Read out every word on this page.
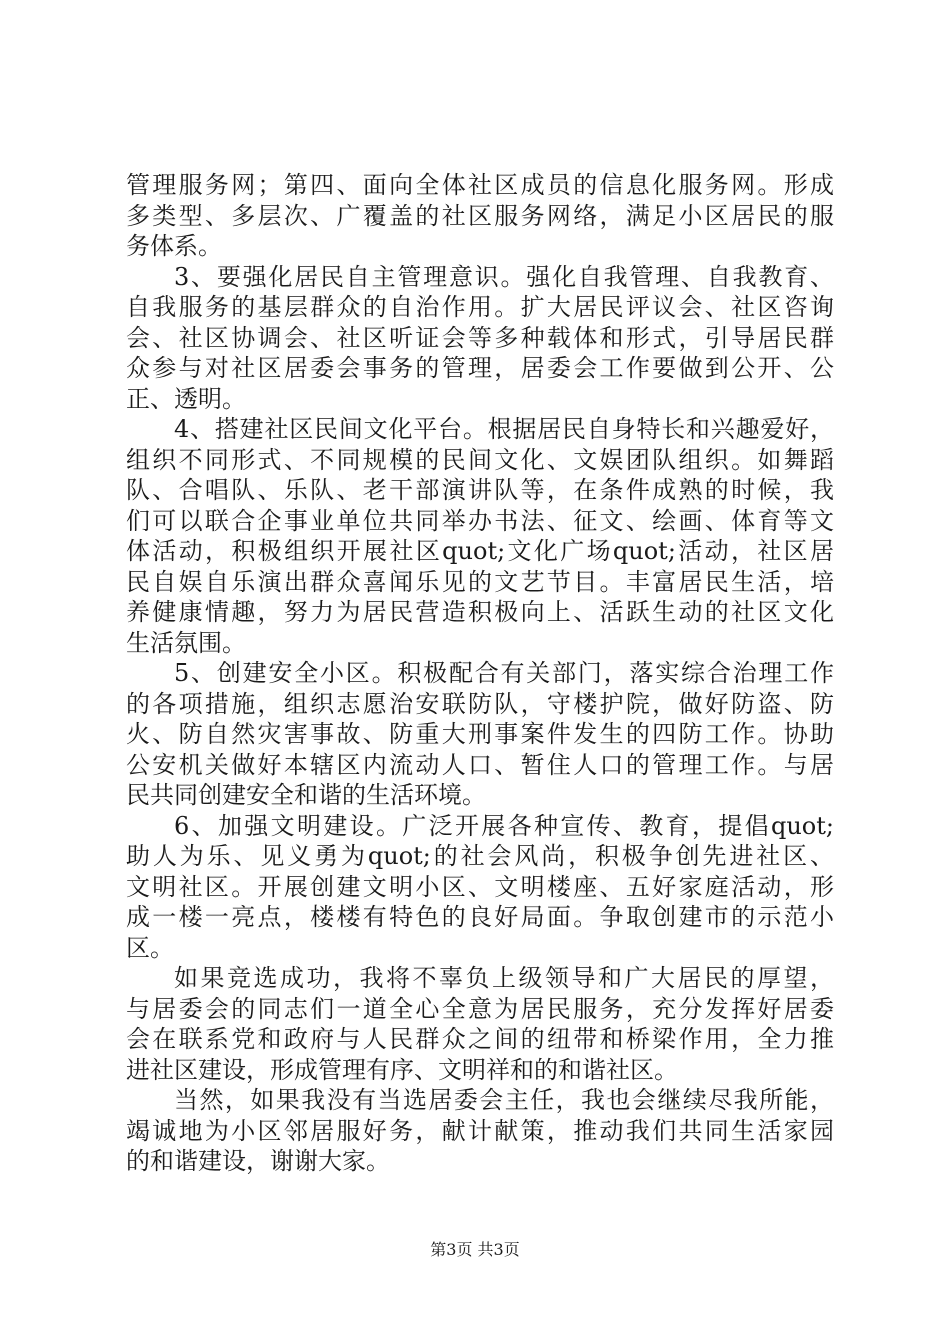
管理服务网；第四、面向全体社区成员的信息化服务网。形成
多类型、多层次、广覆盖的社区服务网络，满足小区居民的服
务体系。
3、要强化居民自主管理意识。强化自我管理、自我教育、
自我服务的基层群众的自治作用。扩大居民评议会、社区咨询
会、社区协调会、社区听证会等多种载体和形式，引导居民群
众参与对社区居委会事务的管理，居委会工作要做到公开、公
正、透明。
4、搭建社区民间文化平台。根据居民自身特长和兴趣爱好，
组织不同形式、不同规模的民间文化、文娱团队组织。如舞蹈
队、合唱队、乐队、老干部演讲队等，在条件成熟的时候，我
们可以联合企事业单位共同举办书法、征文、绘画、体育等文
体活动，积极组织开展社区quot;文化广场quot;活动，社区居
民自娱自乐演出群众喜闻乐见的文艺节目。丰富居民生活，培
养健康情趣，努力为居民营造积极向上、活跃生动的社区文化
生活氛围。
5、创建安全小区。积极配合有关部门，落实综合治理工作
的各项措施，组织志愿治安联防队，守楼护院，做好防盗、防
火、防自然灾害事故、防重大刑事案件发生的四防工作。协助
公安机关做好本辖区内流动人口、暂住人口的管理工作。与居
民共同创建安全和谐的生活环境。
6、加强文明建设。广泛开展各种宣传、教育，提倡quot;
助人为乐、见义勇为quot;的社会风尚，积极争创先进社区、
文明社区。开展创建文明小区、文明楼座、五好家庭活动，形
成一楼一亮点，楼楼有特色的良好局面。争取创建市的示范小
区。
如果竞选成功，我将不辜负上级领导和广大居民的厚望，
与居委会的同志们一道全心全意为居民服务，充分发挥好居委
会在联系党和政府与人民群众之间的纽带和桥梁作用，全力推
进社区建设，形成管理有序、文明祥和的和谐社区。
当然，如果我没有当选居委会主任，我也会继续尽我所能，
竭诚地为小区邻居服好务，献计献策，推动我们共同生活家园
的和谐建设，谢谢大家。
第3页 共3页
